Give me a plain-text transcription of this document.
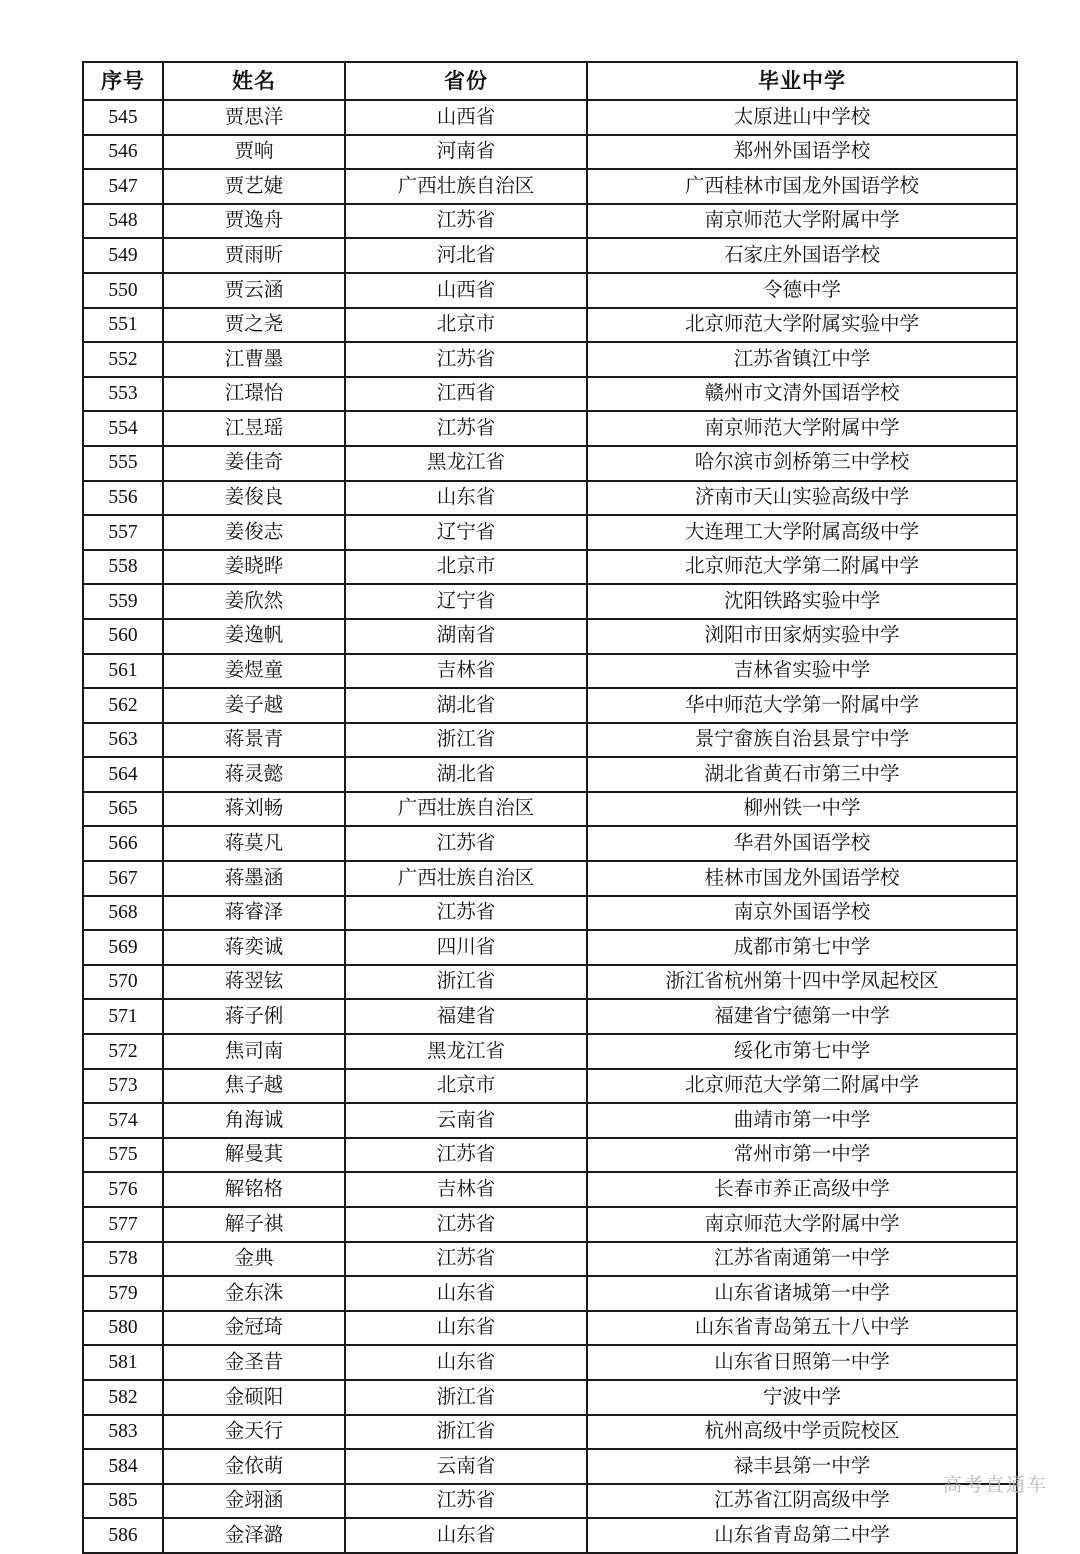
序号	姓名	省份	毕业中学
545	贾思洋	山西省	太原进山中学校
546	贾响	河南省	郑州外国语学校
547	贾艺婕	广西壮族自治区	广西桂林市国龙外国语学校
548	贾逸舟	江苏省	南京师范大学附属中学
549	贾雨昕	河北省	石家庄外国语学校
550	贾云涵	山西省	令德中学
551	贾之尧	北京市	北京师范大学附属实验中学
552	江曹墨	江苏省	江苏省镇江中学
553	江璟怡	江西省	赣州市文清外国语学校
554	江昱瑶	江苏省	南京师范大学附属中学
555	姜佳奇	黑龙江省	哈尔滨市剑桥第三中学校
556	姜俊良	山东省	济南市天山实验高级中学
557	姜俊志	辽宁省	大连理工大学附属高级中学
558	姜晓晔	北京市	北京师范大学第二附属中学
559	姜欣然	辽宁省	沈阳铁路实验中学
560	姜逸帆	湖南省	浏阳市田家炳实验中学
561	姜煜童	吉林省	吉林省实验中学
562	姜子越	湖北省	华中师范大学第一附属中学
563	蒋景青	浙江省	景宁畲族自治县景宁中学
564	蒋灵懿	湖北省	湖北省黄石市第三中学
565	蒋刘畅	广西壮族自治区	柳州铁一中学
566	蒋莫凡	江苏省	华君外国语学校
567	蒋墨涵	广西壮族自治区	桂林市国龙外国语学校
568	蒋睿泽	江苏省	南京外国语学校
569	蒋奕诚	四川省	成都市第七中学
570	蒋翌铉	浙江省	浙江省杭州第十四中学凤起校区
571	蒋子俐	福建省	福建省宁德第一中学
572	焦司南	黑龙江省	绥化市第七中学
573	焦子越	北京市	北京师范大学第二附属中学
574	角海诚	云南省	曲靖市第一中学
575	解曼萁	江苏省	常州市第一中学
576	解铭格	吉林省	长春市养正高级中学
577	解子祺	江苏省	南京师范大学附属中学
578	金典	江苏省	江苏省南通第一中学
579	金东洙	山东省	山东省诸城第一中学
580	金冠琦	山东省	山东省青岛第五十八中学
581	金圣昔	山东省	山东省日照第一中学
582	金硕阳	浙江省	宁波中学
583	金天行	浙江省	杭州高级中学贡院校区
584	金依萌	云南省	禄丰县第一中学
585	金翊涵	江苏省	江苏省江阴高级中学
586	金泽潞	山东省	山东省青岛第二中学
高考直通车
